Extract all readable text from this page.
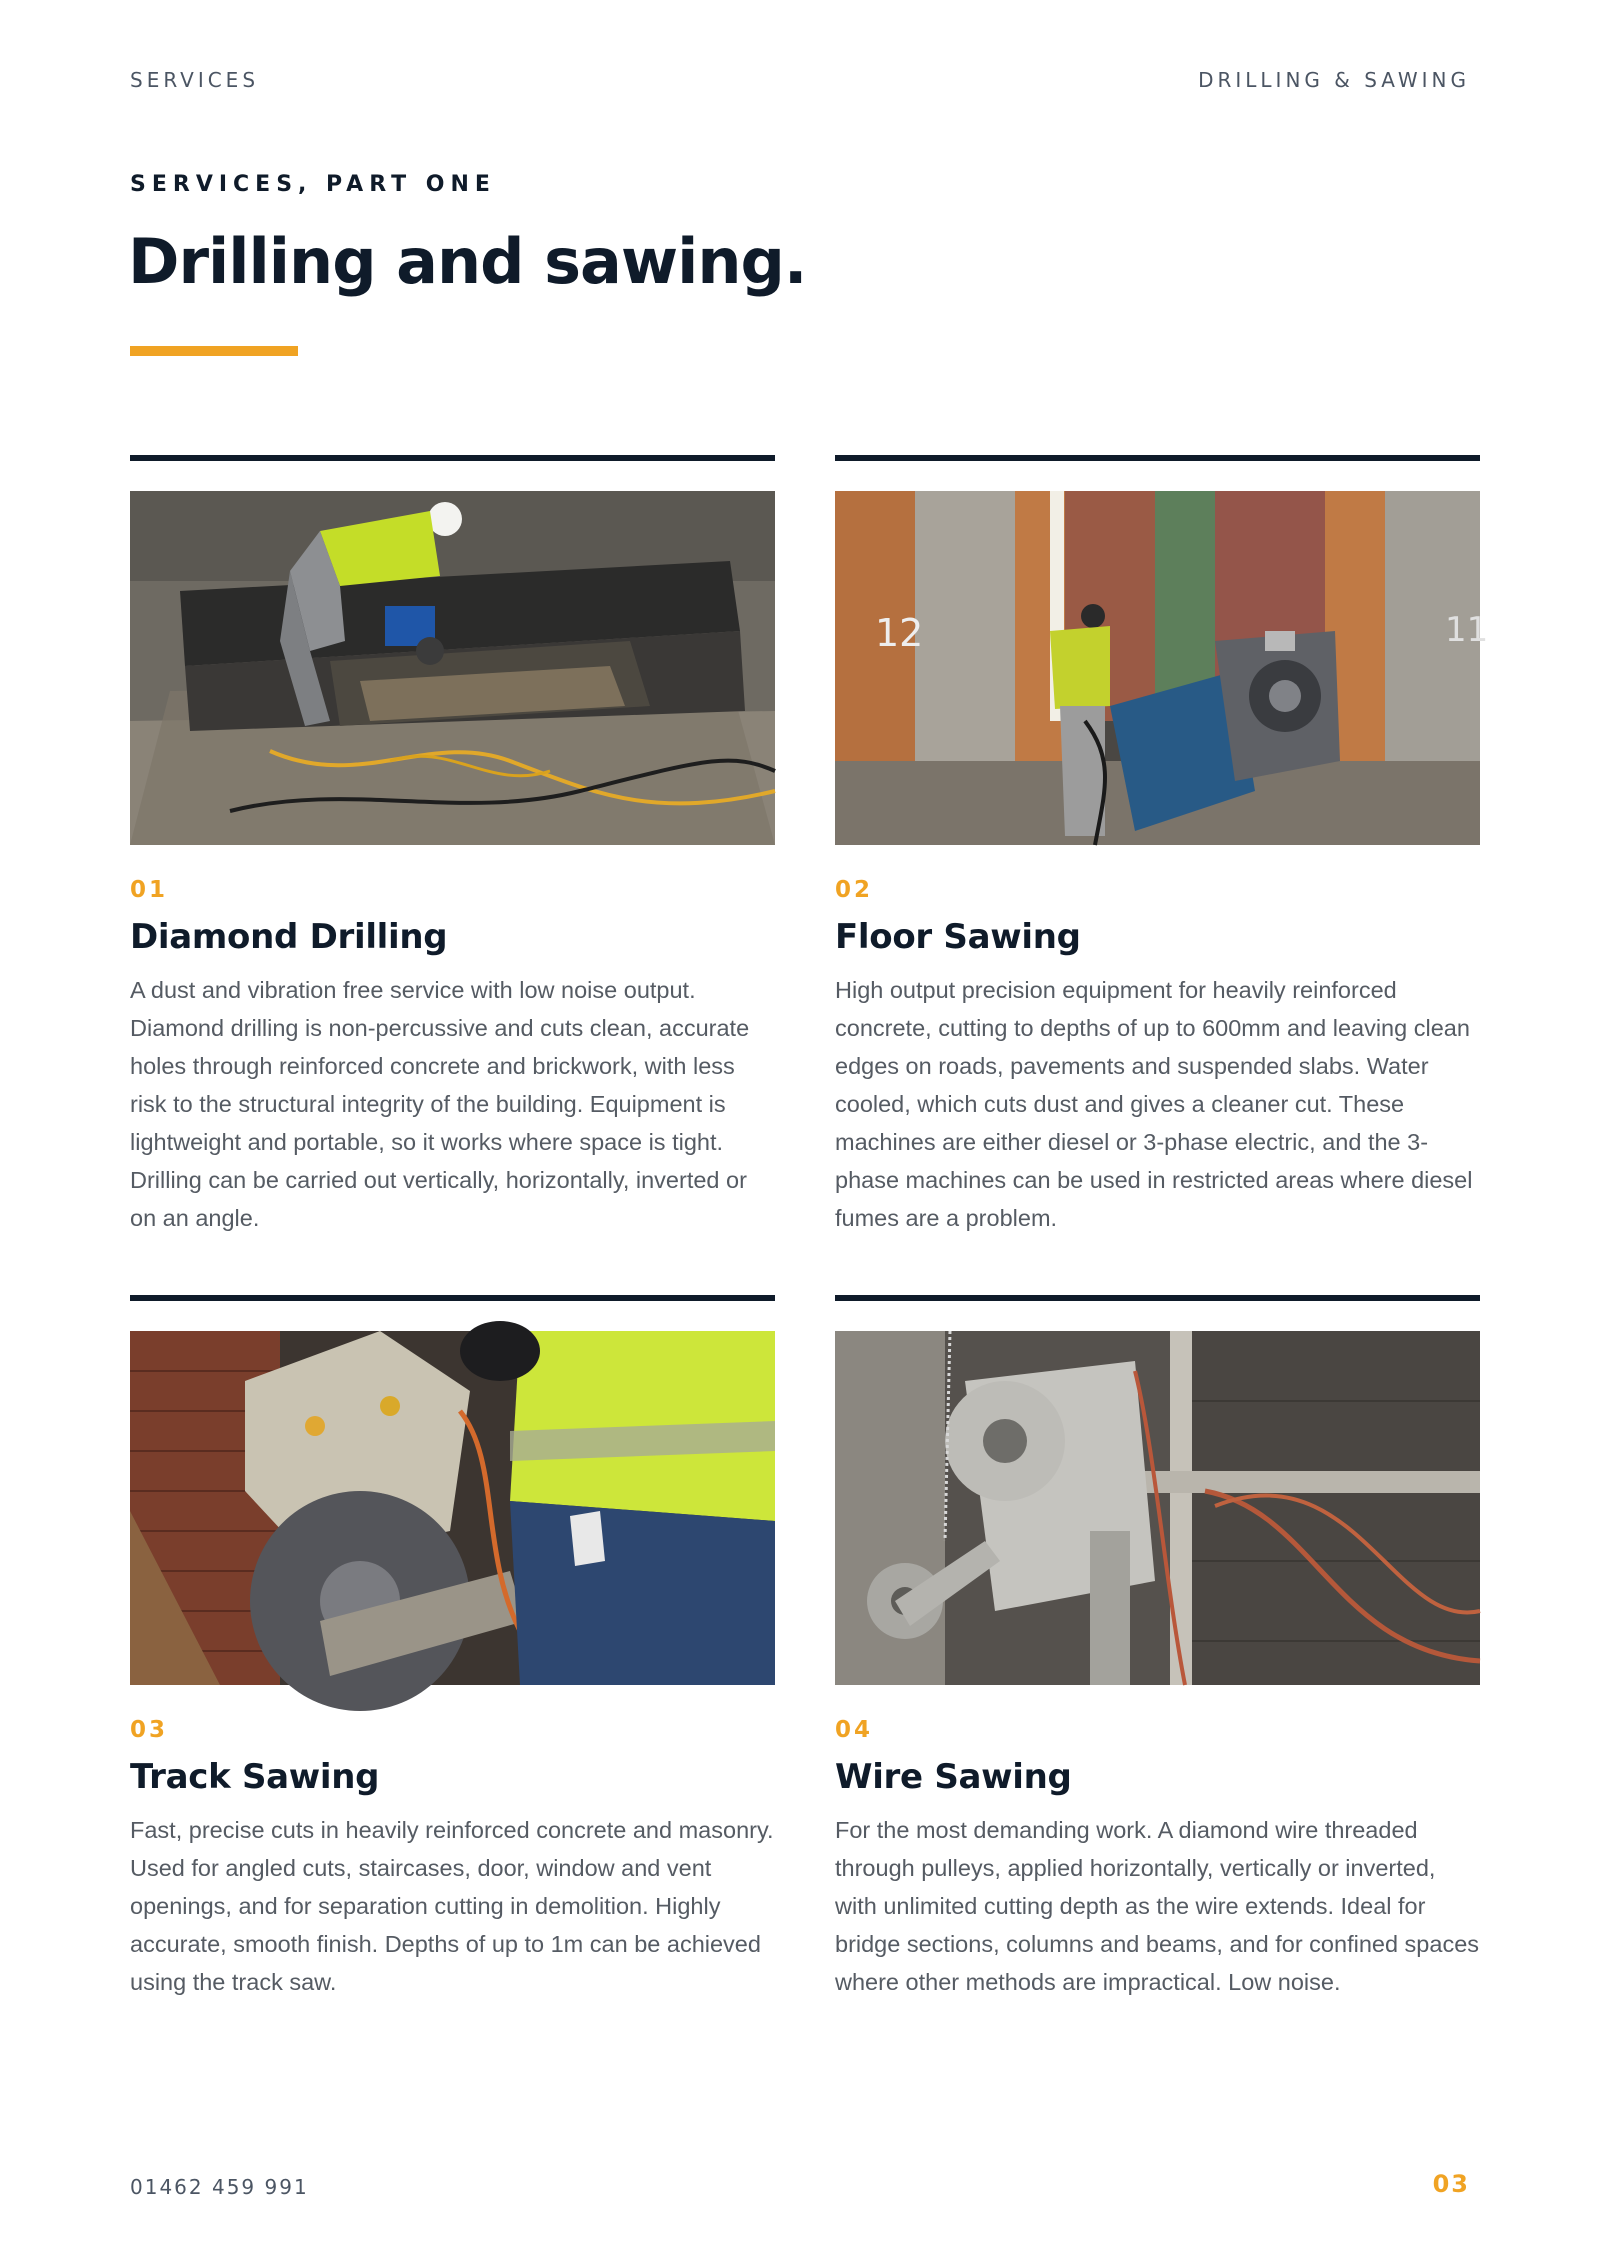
SERVICES	DRILLING & SAWING
SERVICES, PART ONE
Drilling and sawing.
01
Diamond Drilling
A dust and vibration free service with low noise output. Diamond drilling is non-percussive and cuts clean, accurate holes through reinforced concrete and brickwork, with less risk to the structural integrity of the building. Equipment is lightweight and portable, so it works where space is tight. Drilling can be carried out vertically, horizontally, inverted or on an angle.
12	11
02
Floor Sawing
High output precision equipment for heavily reinforced concrete, cutting to depths of up to 600mm and leaving clean edges on roads, pavements and suspended slabs. Water cooled, which cuts dust and gives a cleaner cut. These machines are either diesel or 3-phase electric, and the 3-phase machines can be used in restricted areas where diesel fumes are a problem.
03
Track Sawing
Fast, precise cuts in heavily reinforced concrete and masonry. Used for angled cuts, staircases, door, window and vent openings, and for separation cutting in demolition. Highly accurate, smooth finish. Depths of up to 1m can be achieved using the track saw.
04
Wire Sawing
For the most demanding work. A diamond wire threaded through pulleys, applied horizontally, vertically or inverted, with unlimited cutting depth as the wire extends. Ideal for bridge sections, columns and beams, and for confined spaces where other methods are impractical. Low noise.
01462 459 991	03
